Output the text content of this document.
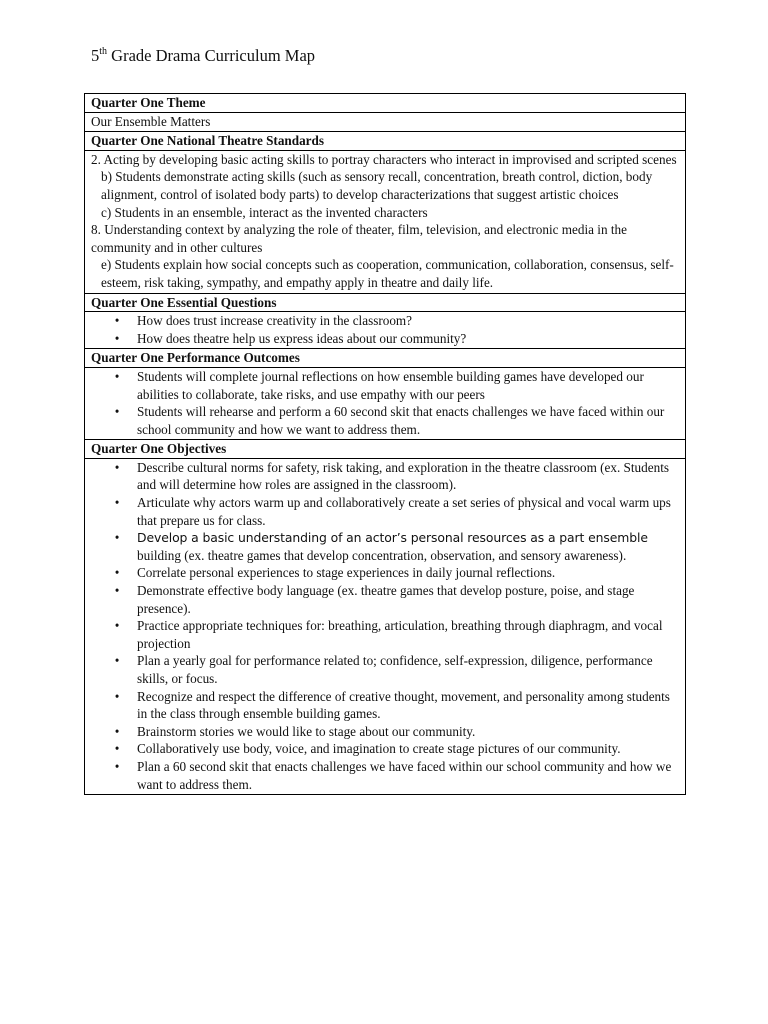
5th Grade Drama Curriculum Map
Quarter One Theme
Our Ensemble Matters
Quarter One National Theatre Standards
2. Acting by developing basic acting skills to portray characters who interact in improvised and scripted scenes
b) Students demonstrate acting skills (such as sensory recall, concentration, breath control, diction, body alignment, control of isolated body parts) to develop characterizations that suggest artistic choices
c) Students in an ensemble, interact as the invented characters
8. Understanding context by analyzing the role of theater, film, television, and electronic media in the community and in other cultures
e) Students explain how social concepts such as cooperation, communication, collaboration, consensus, self-esteem, risk taking, sympathy, and empathy apply in theatre and daily life.
Quarter One Essential Questions
• How does trust increase creativity in the classroom?
• How does theatre help us express ideas about our community?
Quarter One Performance Outcomes
• Students will complete journal reflections on how ensemble building games have developed our abilities to collaborate, take risks, and use empathy with our peers
• Students will rehearse and perform a 60 second skit that enacts challenges we have faced within our school community and how we want to address them.
Quarter One Objectives
• Describe cultural norms for safety, risk taking, and exploration in the theatre classroom (ex. Students and will determine how roles are assigned in the classroom).
• Articulate why actors warm up and collaboratively create a set series of physical and vocal warm ups that prepare us for class.
• Develop a basic understanding of an actor’s personal resources as a part ensemble
building (ex. theatre games that develop concentration, observation, and sensory awareness).
• Correlate personal experiences to stage experiences in daily journal reflections.
• Demonstrate effective body language (ex. theatre games that develop posture, poise, and stage presence).
• Practice appropriate techniques for: breathing, articulation, breathing through diaphragm, and vocal projection
• Plan a yearly goal for performance related to; confidence, self-expression, diligence, performance skills, or focus.
• Recognize and respect the difference of creative thought, movement, and personality among students in the class through ensemble building games.
• Brainstorm stories we would like to stage about our community.
• Collaboratively use body, voice, and imagination to create stage pictures of our community.
• Plan a 60 second skit that enacts challenges we have faced within our school community and how we want to address them.
